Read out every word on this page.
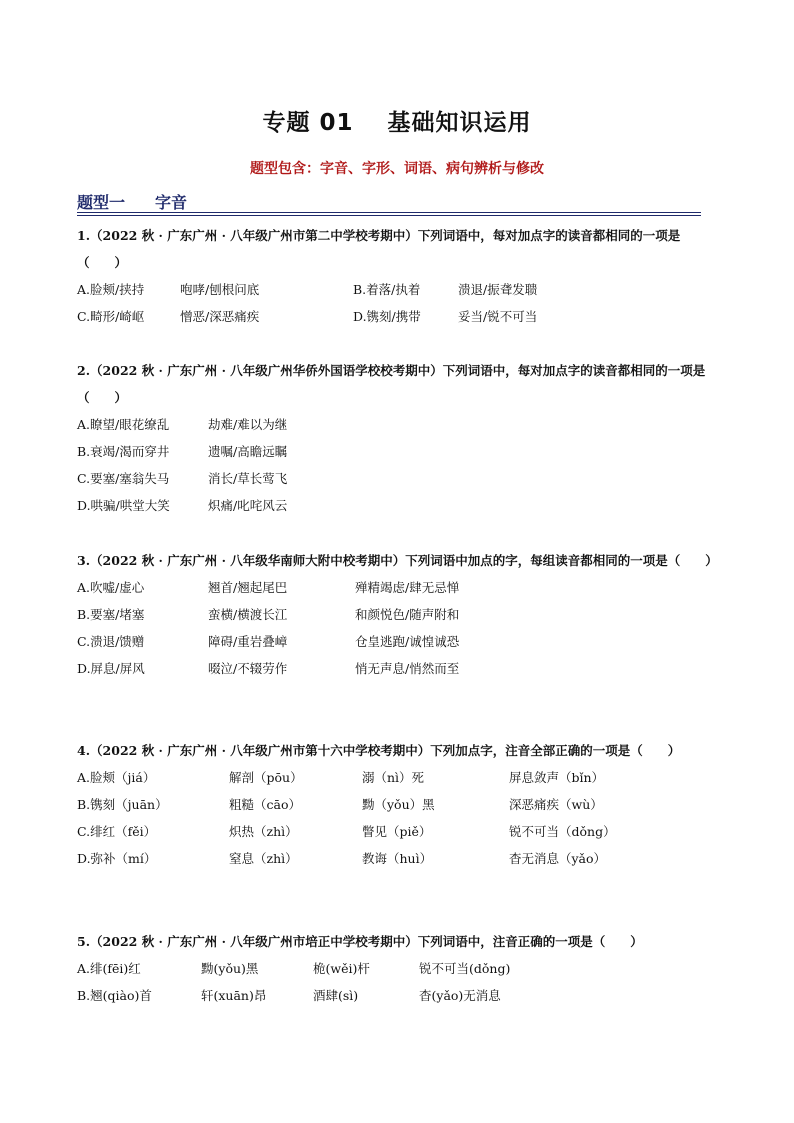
专题 01 基础知识运用
题型包含：字音、字形、词语、病句辨析与修改
题型一 字音
1.（2022 秋 · 广东广州 · 八年级广州市第二中学校考期中）下列词语中，每对加点字的读音都相同的一项是（　　）
A.脸颊/挟持	咆哮/刨根问底	B.着落/执着	溃退/振聋发聩
C.畸形/崎岖	憎恶/深恶痛疾	D.镌刻/携带	妥当/锐不可当
2.（2022 秋 · 广东广州 · 八年级广州华侨外国语学校校考期中）下列词语中，每对加点字的读音都相同的一项是（　　）
A.瞭望/眼花缭乱	劫难/难以为继
B.衰竭/渴而穿井	遗嘱/高瞻远瞩
C.要塞/塞翁失马	消长/草长莺飞
D.哄骗/哄堂大笑	炽痛/叱咤风云
3.（2022 秋 · 广东广州 · 八年级华南师大附中校考期中）下列词语中加点的字，每组读音都相同的一项是（　　）
A.吹嘘/虚心	翘首/翘起尾巴	殚精竭虑/肆无忌惮
B.要塞/堵塞	蛮横/横渡长江	和颜悦色/随声附和
C.溃退/馈赠	障碍/重岩叠嶂	仓皇逃跑/诚惶诚恐
D.屏息/屏风	啜泣/不辍劳作	悄无声息/悄然而至
4.（2022 秋 · 广东广州 · 八年级广州市第十六中学校考期中）下列加点字，注音全部正确的一项是（　　）
A.脸颊（jiá）	解剖（pōu）	溺（nì）死	屏息敛声（bǐn）
B.镌刻（juān）	粗糙（cāo）	黝（yǒu）黑	深恶痛疾（wù）
C.绯红（fěi）	炽热（zhì）	瞥见（piě）	锐不可当（dǒng）
D.弥补（mí）	窒息（zhì）	教诲（huì）	杳无消息（yǎo）
5.（2022 秋 · 广东广州 · 八年级广州市培正中学校考期中）下列词语中，注音正确的一项是（　　）
A.绯(fēi)红	黝(yǒu)黑	桅(wěi)杆	锐不可当(dǒng)
B.翘(qiào)首	轩(xuān)昂	酒肆(sì)	杳(yǎo)无消息
